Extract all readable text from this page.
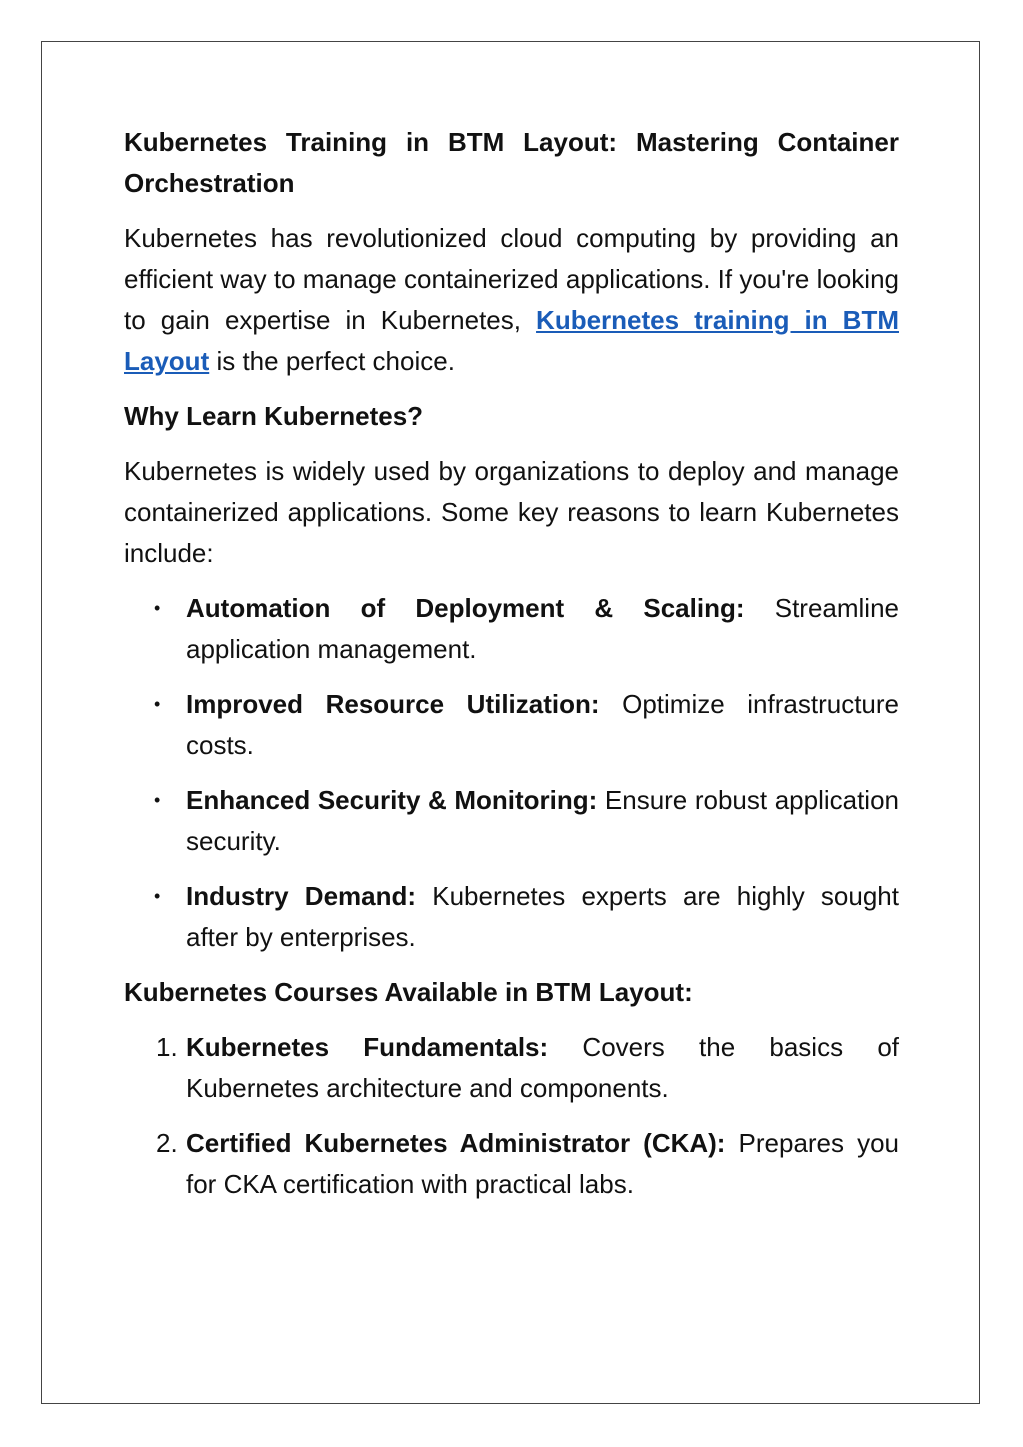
Kubernetes Training in BTM Layout: Mastering Container Orchestration

Kubernetes has revolutionized cloud computing by providing an efficient way to manage containerized applications. If you're looking to gain expertise in Kubernetes, Kubernetes training in BTM Layout is the perfect choice.

Why Learn Kubernetes?

Kubernetes is widely used by organizations to deploy and manage containerized applications. Some key reasons to learn Kubernetes include:

• Automation of Deployment & Scaling: Streamline application management.
• Improved Resource Utilization: Optimize infrastructure costs.
• Enhanced Security & Monitoring: Ensure robust application security.
• Industry Demand: Kubernetes experts are highly sought after by enterprises.
Kubernetes Courses Available in BTM Layout:
1. Kubernetes Fundamentals: Covers the basics of Kubernetes architecture and components.
2. Certified Kubernetes Administrator (CKA): Prepares you for CKA certification with practical labs.
